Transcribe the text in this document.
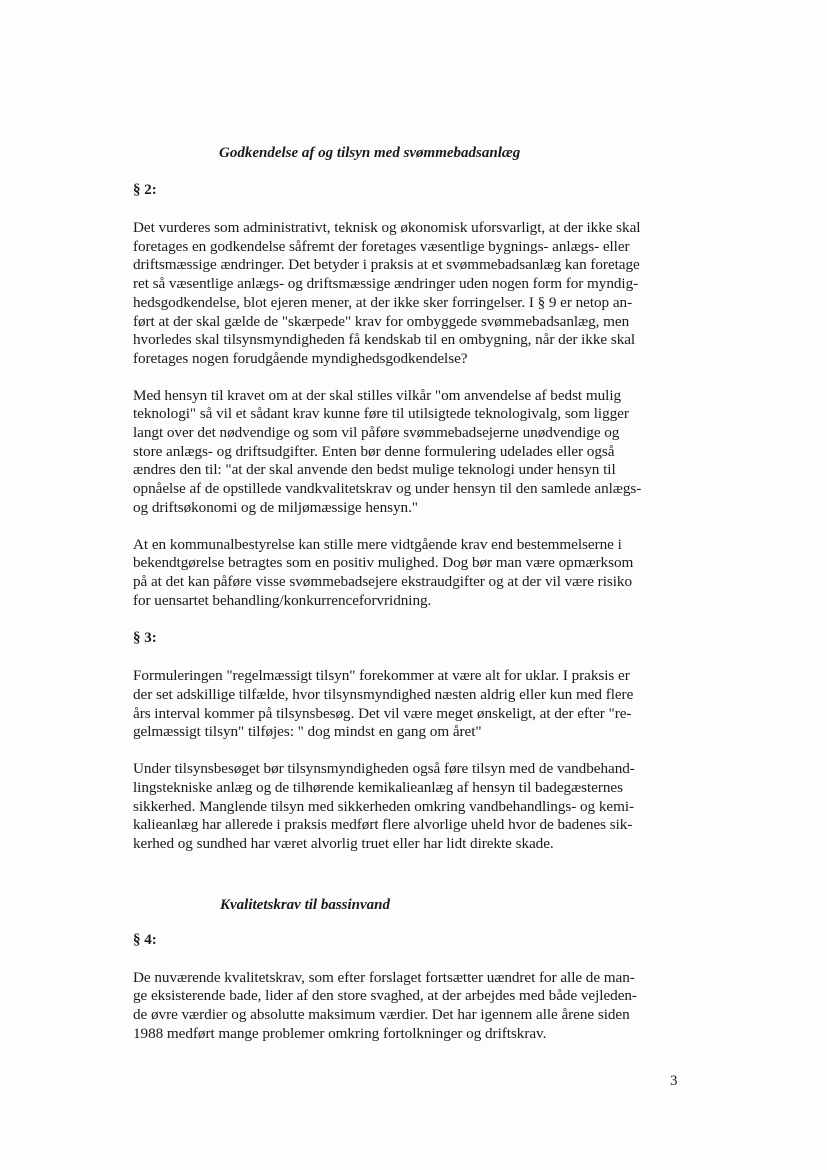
Godkendelse af og tilsyn med svømmebadsanlæg

§ 2:

Det vurderes som administrativt, teknisk og økonomisk uforsvarligt, at der ikke skal
foretages en godkendelse såfremt der foretages væsentlige bygnings- anlægs- eller
driftsmæssige ændringer. Det betyder i praksis at et svømmebadsanlæg kan foretage
ret så væsentlige anlægs- og driftsmæssige ændringer uden nogen form for myndig-
hedsgodkendelse, blot ejeren mener, at der ikke sker forringelser. I § 9 er netop an-
ført at der skal gælde de "skærpede" krav for ombyggede svømmebadsanlæg, men
hvorledes skal tilsynsmyndigheden få kendskab til en ombygning, når der ikke skal
foretages nogen forudgående myndighedsgodkendelse?

Med hensyn til kravet om at der skal stilles vilkår "om anvendelse af bedst mulig
teknologi" så vil et sådant krav kunne føre til utilsigtede teknologivalg, som ligger
langt over det nødvendige og som vil påføre svømmebadsejerne unødvendige og
store anlægs- og driftsudgifter. Enten bør denne formulering udelades eller også
ændres den til: "at der skal anvende den bedst mulige teknologi under hensyn til
opnåelse af de opstillede vandkvalitetskrav og under hensyn til den samlede anlægs-
og driftsøkonomi og de miljømæssige hensyn."

At en kommunalbestyrelse kan stille mere vidtgående krav end bestemmelserne i
bekendtgørelse betragtes som en positiv mulighed. Dog bør man være opmærksom
på at det kan påføre visse svømmebadsejere ekstraudgifter og at der vil være risiko
for uensartet behandling/konkurrenceforvridning.

§ 3:

Formuleringen "regelmæssigt tilsyn" forekommer at være alt for uklar. I praksis er
der set adskillige tilfælde, hvor tilsynsmyndighed næsten aldrig eller kun med flere
års interval kommer på tilsynsbesøg. Det vil være meget ønskeligt, at der efter "re-
gelmæssigt tilsyn" tilføjes: " dog mindst en gang om året"

Under tilsynsbesøget bør tilsynsmyndigheden også føre tilsyn med de vandbehand-
lingstekniske anlæg og de tilhørende kemikalieanlæg af hensyn til badegæsternes
sikkerhed. Manglende tilsyn med sikkerheden omkring vandbehandlings- og kemi-
kalieanlæg har allerede i praksis medført flere alvorlige uheld hvor de badenes sik-
kerhed og sundhed har været alvorlig truet eller har lidt direkte skade.

Kvalitetskrav til bassinvand

§ 4:

De nuværende kvalitetskrav, som efter forslaget fortsætter uændret for alle de man-
ge eksisterende bade, lider af den store svaghed, at der arbejdes med både vejleden-
de øvre værdier og absolutte maksimum værdier. Det har igennem alle årene siden
1988 medført mange problemer omkring fortolkninger og driftskrav.

3
